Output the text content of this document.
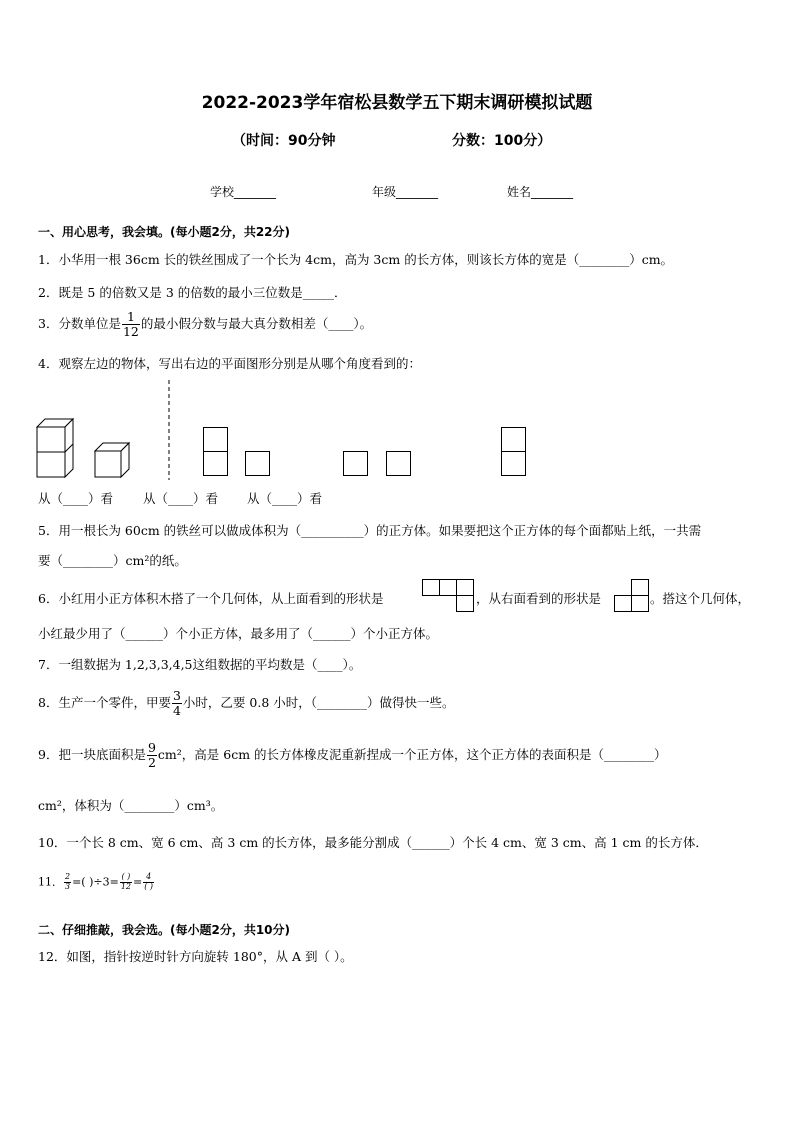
2022-2023学年宿松县数学五下期末调研模拟试题
（时间：90分钟	分数：100分）
学校_______	年级_______	姓名_______
一、用心思考，我会填。(每小题2分，共22分)
1．小华用一根 36cm 长的铁丝围成了一个长为 4cm，高为 3cm 的长方体，则该长方体的宽是（________）cm。
2．既是 5 的倍数又是 3 的倍数的最小三位数是_____．
3．分数单位是 $\frac{1}{12}$ 的最小假分数与最大真分数相差（____）。
4．观察左边的物体，写出右边的平面图形分别是从哪个角度看到的：
从（____）看 从（____）看 从（____）看
5．用一根长为 60cm 的铁丝可以做成体积为（__________）的正方体。如果要把这个正方体的每个面都贴上纸，一共需
要（________）cm²的纸。
6．小红用小正方体积木搭了一个几何体，从上面看到的形状是	，从右面看到的形状是	。搭这个几何体，
小红最少用了（______）个小正方体，最多用了（______）个小正方体。
7．一组数据为 1,2,3,3,4,5这组数据的平均数是（____）。
8．生产一个零件，甲要 $\frac{3}{4}$ 小时，乙要 0.8 小时，（________）做得快一些。
9．把一块底面积是 $\frac{9}{2} cm^2$，高是 6cm 的长方体橡皮泥重新捏成一个正方体，这个正方体的表面积是（________）
cm²，体积为（________）cm³。
10．一个长 8 cm、宽 6 cm、高 3 cm 的长方体，最多能分割成（______）个长 4 cm、宽 3 cm、高 1 cm 的长方体．
11． $\frac{2}{3}$ =( )$\div 3= \frac{( )}{12} = \frac{4}{( )}$
二、仔细推敲，我会选。(每小题2分，共10分)
12．如图，指针按逆时针方向旋转 180°，从 A 到（ ）。
